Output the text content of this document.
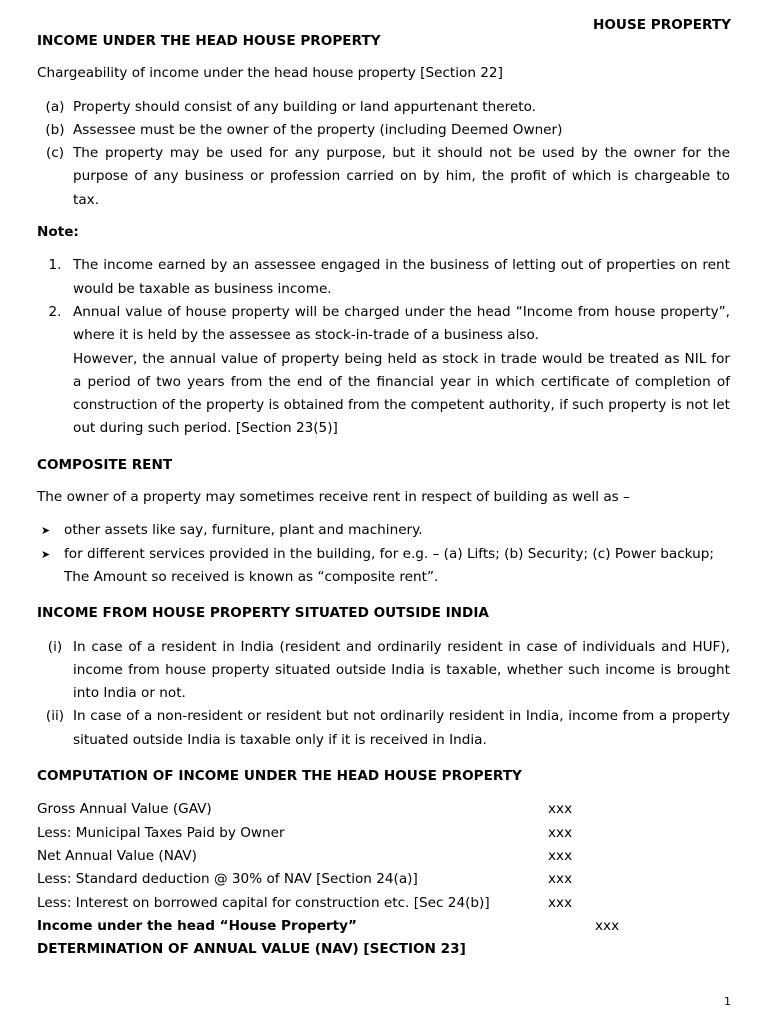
HOUSE PROPERTY
INCOME UNDER THE HEAD HOUSE PROPERTY
Chargeability of income under the head house property [Section 22]
(a) Property should consist of any building or land appurtenant thereto.
(b) Assessee must be the owner of the property (including Deemed Owner)
(c) The property may be used for any purpose, but it should not be used by the owner for the purpose of any business or profession carried on by him, the profit of which is chargeable to tax.
Note:
1. The income earned by an assessee engaged in the business of letting out of properties on rent would be taxable as business income.
2. Annual value of house property will be charged under the head “Income from house property”, where it is held by the assessee as stock-in-trade of a business also.
However, the annual value of property being held as stock in trade would be treated as NIL for a period of two years from the end of the financial year in which certificate of completion of construction of the property is obtained from the competent authority, if such property is not let out during such period. [Section 23(5)]
COMPOSITE RENT
The owner of a property may sometimes receive rent in respect of building as well as –
➤	other assets like say, furniture, plant and machinery.
➤	for different services provided in the building, for e.g. – (a) Lifts; (b) Security; (c) Power backup;
The Amount so received is known as “composite rent”.
INCOME FROM HOUSE PROPERTY SITUATED OUTSIDE INDIA
(i) In case of a resident in India (resident and ordinarily resident in case of individuals and HUF), income from house property situated outside India is taxable, whether such income is brought into India or not.
(ii) In case of a non-resident or resident but not ordinarily resident in India, income from a property situated outside India is taxable only if it is received in India.
COMPUTATION OF INCOME UNDER THE HEAD HOUSE PROPERTY
Gross Annual Value (GAV)	xxx
Less: Municipal Taxes Paid by Owner	xxx
Net Annual Value (NAV)	xxx
Less: Standard deduction @ 30% of NAV [Section 24(a)]	xxx
Less: Interest on borrowed capital for construction etc. [Sec 24(b)]	xxx
Income under the head “House Property”	xxx
DETERMINATION OF ANNUAL VALUE (NAV) [SECTION 23]
1
